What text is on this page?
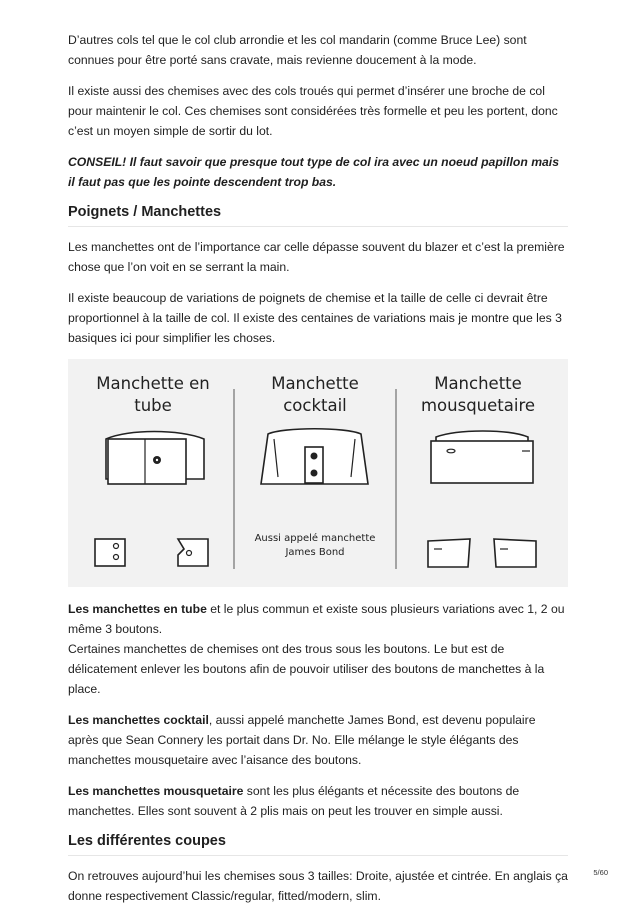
D’autres cols tel que le col club arrondie et les col mandarin (comme Bruce Lee) sont connues pour être porté sans cravate, mais revienne doucement à la mode.

Il existe aussi des chemises avec des cols troués qui permet d’insérer une broche de col pour maintenir le col. Ces chemises sont considérées très formelle et peu les portent, donc c’est un moyen simple de sortir du lot.

CONSEIL! Il faut savoir que presque tout type de col ira avec un noeud papillon mais il faut pas que les pointe descendent trop bas.

Poignets / Manchettes

Les manchettes ont de l’importance car celle dépasse souvent du blazer et c’est la première chose que l’on voit en se serrant la main.

Il existe beaucoup de variations de poignets de chemise et la taille de celle ci devrait être proportionnel à la taille de col. Il existe des centaines de variations mais je montre que les 3 basiques ici pour simplifier les choses.

Manchette en
tube
Manchette
cocktail
Manchette
mousquetaire
Aussi appelé manchette
James Bond

Les manchettes en tube et le plus commun et existe sous plusieurs variations avec 1, 2 ou même 3 boutons.
Certaines manchettes de chemises ont des trous sous les boutons. Le but est de délicatement enlever les boutons afin de pouvoir utiliser des boutons de manchettes à la place.

Les manchettes cocktail, aussi appelé manchette James Bond, est devenu populaire après que Sean Connery les portait dans Dr. No. Elle mélange le style élégants des manchettes mousquetaire avec l’aisance des boutons.

Les manchettes mousquetaire sont les plus élégants et nécessite des boutons de manchettes. Elles sont souvent à 2 plis mais on peut les trouver en simple aussi.

Les différentes coupes

On retrouves aujourd’hui les chemises sous 3 tailles: Droite, ajustée et cintrée. En anglais ça donne respectivement Classic/regular, fitted/modern, slim.

5/60
